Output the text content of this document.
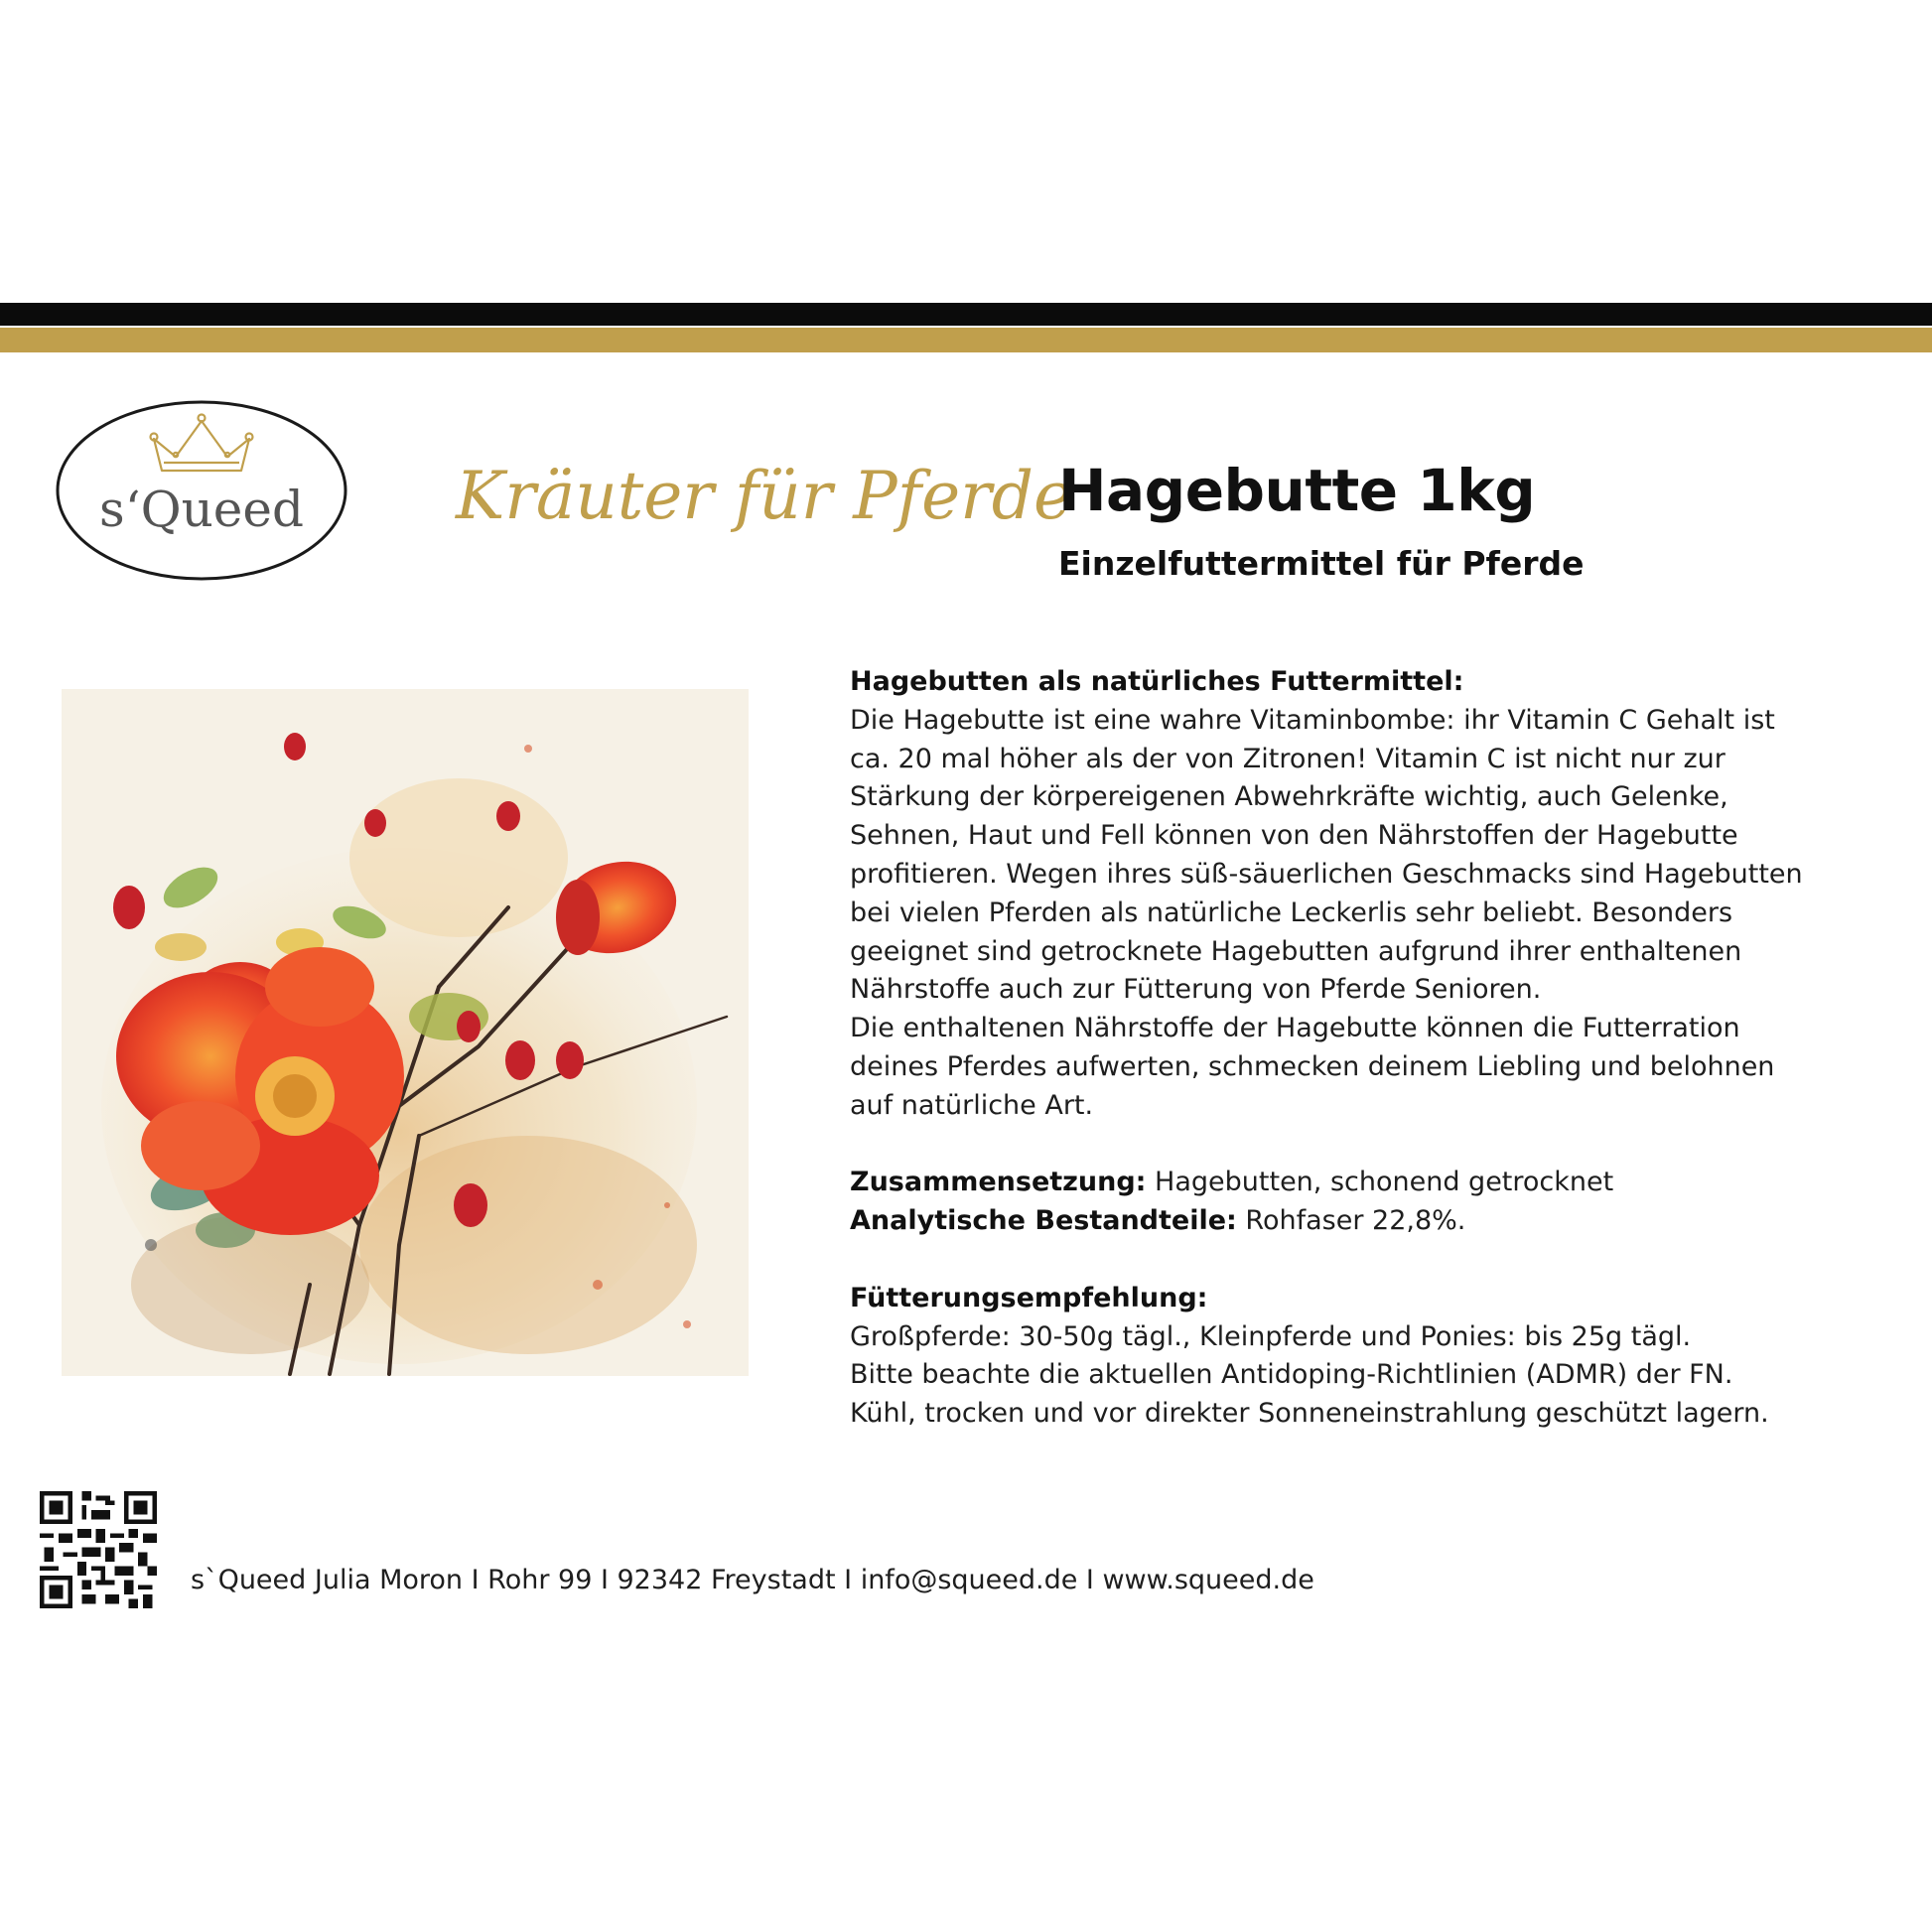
s‘Queed Kräuter für Pferde
Hagebutte 1kg
Einzelfuttermittel für Pferde

Hagebutten als natürliches Futtermittel:

Die Hagebutte ist eine wahre Vitaminbombe: ihr Vitamin C Gehalt ist

ca. 20 mal höher als der von Zitronen! Vitamin C ist nicht nur zur

Stärkung der körpereigenen Abwehrkräfte wichtig, auch Gelenke,

Sehnen, Haut und Fell können von den Nährstoffen der Hagebutte

profitieren. Wegen ihres süß-säuerlichen Geschmacks sind Hagebutten

bei vielen Pferden als natürliche Leckerlis sehr beliebt. Besonders

geeignet sind getrocknete Hagebutten aufgrund ihrer enthaltenen

Nährstoffe auch zur Fütterung von Pferde Senioren.

Die enthaltenen Nährstoffe der Hagebutte können die Futterration

deines Pferdes aufwerten, schmecken deinem Liebling und belohnen

auf natürliche Art.

Zusammensetzung: Hagebutten, schonend getrocknet

Analytische Bestandteile: Rohfaser 22,8%.

Fütterungsempfehlung:

Großpferde: 30-50g tägl., Kleinpferde und Ponies: bis 25g tägl.

Bitte beachte die aktuellen Antidoping-Richtlinien (ADMR) der FN.

Kühl, trocken und vor direkter Sonneneinstrahlung geschützt lagern.

s`Queed Julia Moron I Rohr 99 I 92342 Freystadt I info@squeed.de I www.squeed.de
